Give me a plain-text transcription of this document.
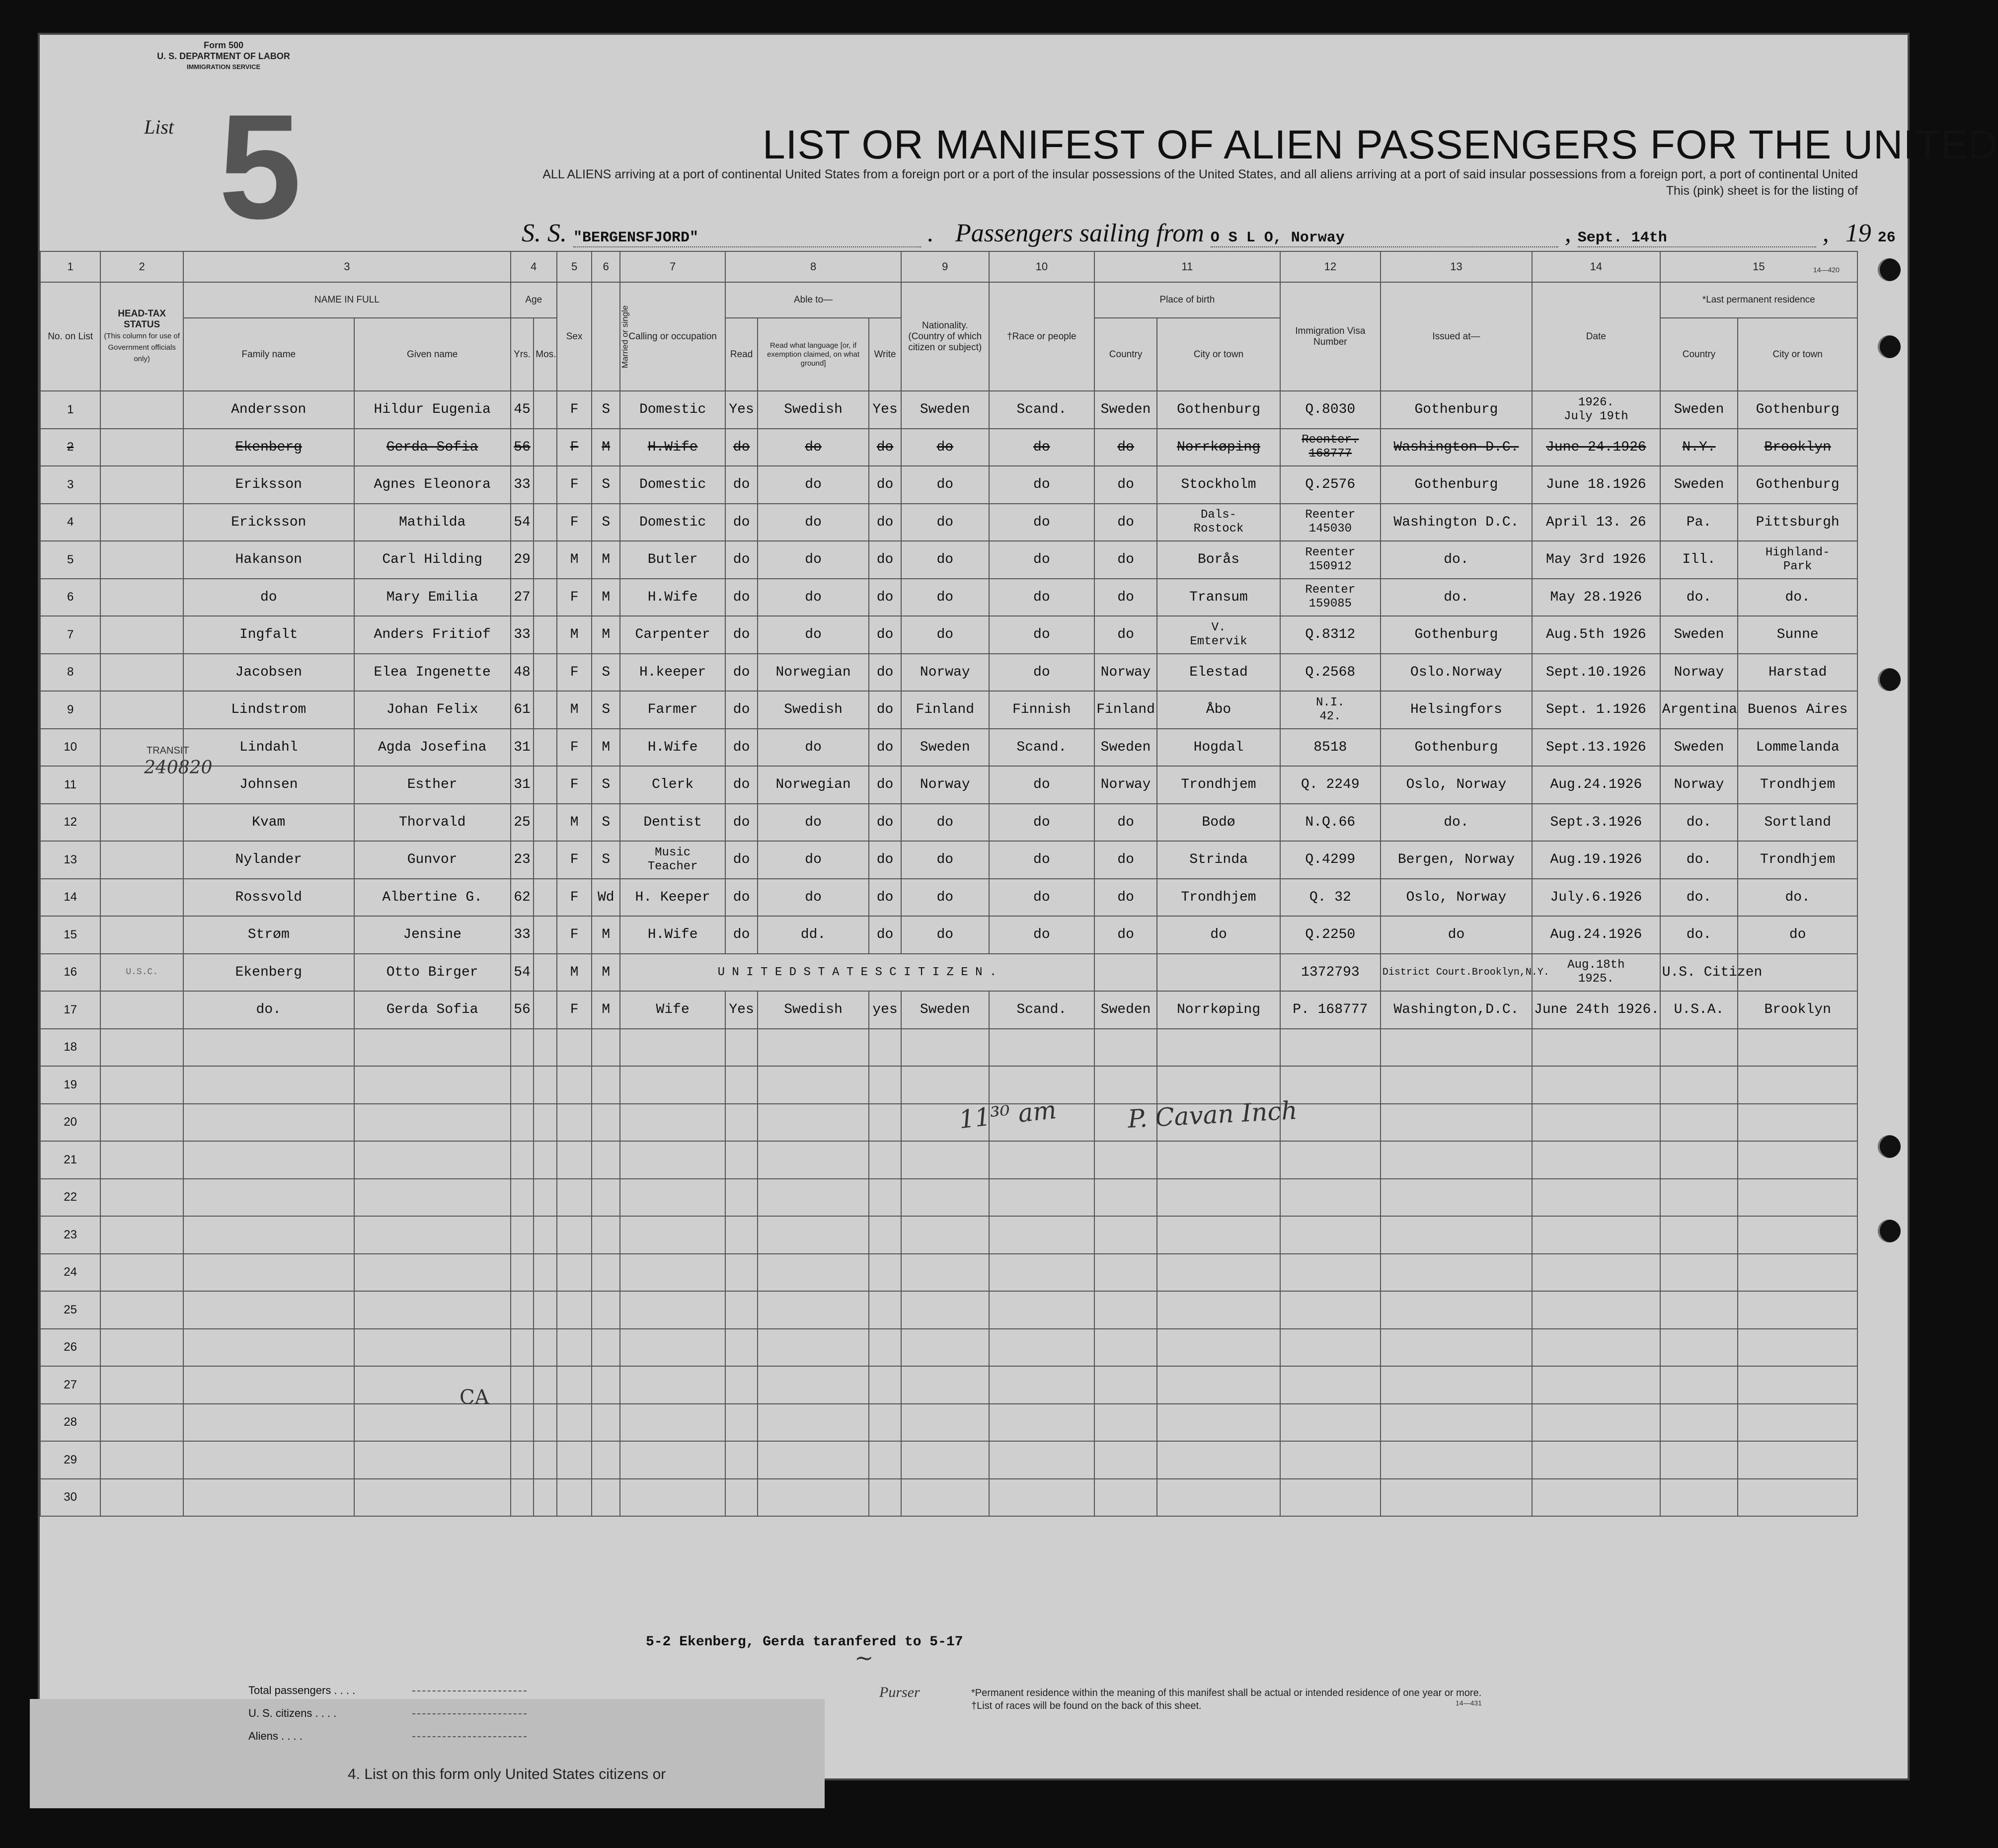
Form 500
U. S. DEPARTMENT OF LABOR
IMMIGRATION SERVICE
List 5	LIST OR MANIFEST OF ALIEN PASSENGERS FOR THE UNITED
ALL ALIENS arriving at a port of continental United States from a foreign port or a port of the insular possessions of the United States, and all aliens arriving at a port of said insular possessions from a foreign port, a port of continental United
This (pink) sheet is for the listing of
S. S. "BERGENSFJORD"	. Passengers sailing from O S L O, Norway	, Sept. 14th	, 19 26
14—420
1	2	3		4		5	6	7	8			9	10	11		12	13	14	15	
No. on List	HEAD-TAX STATUS
(This column for use of Government officials only)	NAME IN FULL		Age		Sex	Married or single	Calling or occupation	Able to—			Nationality. (Country of which citizen or subject)	†Race or people	Place of birth		Immigration Visa Number	Issued at—	Date	*Last permanent residence	
		Family name	Given name	Yrs.	Mos.				Read	Read what language [or, if exemption claimed, on what ground]	Write			Country	City or town				Country	City or town
1		Andersson	Hildur Eugenia	45		F	S	Domestic	Yes	Swedish	Yes	Sweden	Scand.	Sweden	Gothenburg	Q.8030	Gothenburg	1926.
July 19th	Sweden	Gothenburg
2		Ekenberg	Gerda Sofia	56		F	M	H.Wife	do	do	do	do	do	do	Norrkøping	Reenter.
168777	Washington D.C.	June 24.1926	N.Y.	Brooklyn
3		Eriksson	Agnes Eleonora	33		F	S	Domestic	do	do	do	do	do	do	Stockholm	Q.2576	Gothenburg	June 18.1926	Sweden	Gothenburg
4		Ericksson	Mathilda	54		F	S	Domestic	do	do	do	do	do	do	Dals-
Rostock	Reenter
145030	Washington D.C.	April 13. 26	Pa.	Pittsburgh
5		Hakanson	Carl Hilding	29		M	M	Butler	do	do	do	do	do	do	Borås	Reenter
150912	do.	May 3rd 1926	Ill.	Highland-
Park

6		do	Mary Emilia	27		F	M	H.Wife	do	do	do	do	do	do	Transum	Reenter
159085	do.	May 28.1926	do.	do.
7		Ingfalt	Anders Fritiof	33		M	M	Carpenter	do	do	do	do	do	do	V.
Emtervik	Q.8312	Gothenburg	Aug.5th 1926	Sweden	Sunne
8		Jacobsen	Elea Ingenette	48		F	S	H.keeper	do	Norwegian	do	Norway	do	Norway	Elestad	Q.2568	Oslo.Norway	Sept.10.1926	Norway	Harstad
9		Lindstrom	Johan Felix	61		M	S	Farmer	do	Swedish	do	Finland	Finnish	Finland	Åbo	N.I.
42.	Helsingfors	Sept. 1.1926	Argentina	Buenos Aires
10		Lindahl	Agda Josefina	31		F	M	H.Wife	do	do	do	Sweden	Scand.	Sweden	Hogdal	8518	Gothenburg	Sept.13.1926	Sweden	Lommelanda
11		Johnsen	Esther	31		F	S	Clerk	do	Norwegian	do	Norway	do	Norway	Trondhjem	Q. 2249	Oslo, Norway	Aug.24.1926	Norway	Trondhjem
12		Kvam	Thorvald	25		M	S	Dentist	do	do	do	do	do	do	Bodø	N.Q.66	do.	Sept.3.1926	do.	Sortland
13		Nylander	Gunvor	23		F	S	Music
Teacher	do	do	do	do	do	do	Strinda	Q.4299	Bergen, Norway	Aug.19.1926	do.	Trondhjem
14		Rossvold	Albertine G.	62		F	Wd	H. Keeper	do	do	do	do	do	do	Trondhjem	Q. 32	Oslo, Norway	July.6.1926	do.	do.
15		Strøm	Jensine	33		F	M	H.Wife	do	dd.	do	do	do	do	do	Q.2250	do	Aug.24.1926	do.	do
16	U.S.C.	Ekenberg	Otto Birger	54		M	M	U N I T E D S T A T E S C I T I Z E N .								1372793	District Court.Brooklyn,N.Y.	Aug.18th
1925.	U.S. Citizen	
17		do.	Gerda Sofia	56		F	M	Wife	Yes	Swedish	yes	Sweden	Scand.	Sweden	Norrkøping	P. 168777	Washington,D.C.	June 24th 1926.	U.S.A.	Brooklyn
18																				
19																				
20																				
21																				
22																				
23																				
24																				
25																				
26																				
27																				
28																				
29																				
30																				
TRANSIT
240820
11³⁰ am	P. Cavan Inch
CA
5-2 Ekenberg, Gerda taranfered to 5-17
Total passengers . . . .
U. S. citizens . . . .
Aliens . . . .
*Permanent residence within the meaning of this manifest shall be actual or intended residence of one year or more.
†List of races will be found on the back of this sheet.	14—431
Purser
~
4. List on this form only United States citizens or
